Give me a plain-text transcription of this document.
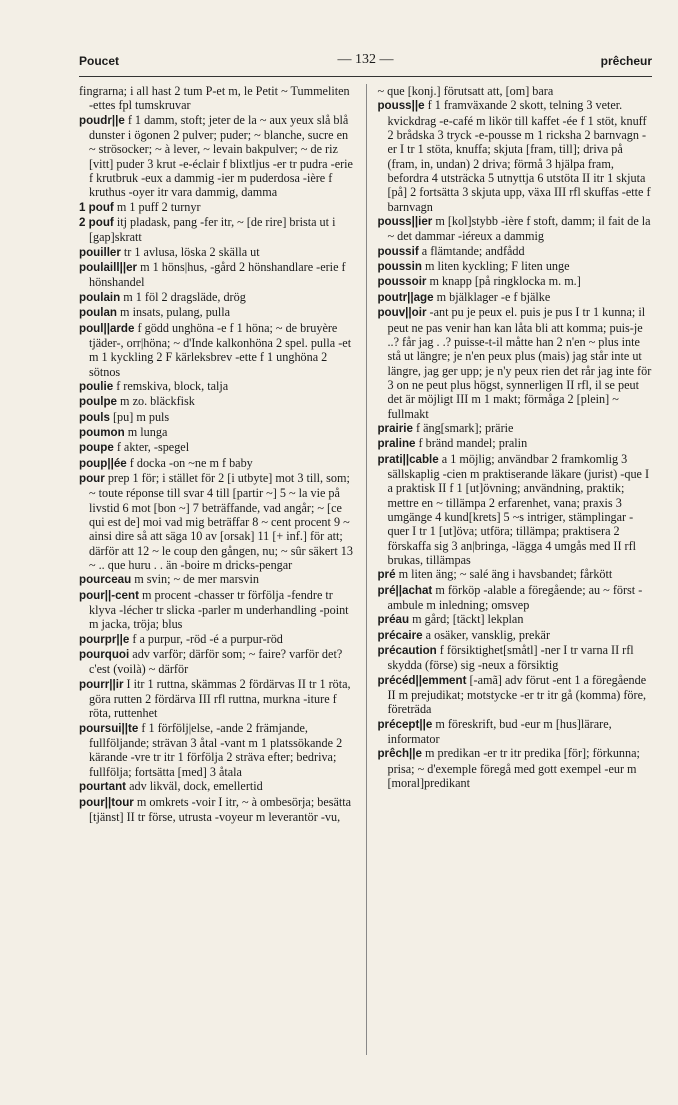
Poucet	— 132 —	prêcheur

fingrarna; i all hast 2 tum P-et m, le Petit ~ Tummeliten -ettes fpl tumskruvar

poudr||e f 1 damm, stoft; jeter de la ~ aux yeux slå blå dunster i ögonen 2 pulver; puder; ~ blanche, sucre en ~ strösocker; ~ à lever, ~ levain bakpulver; ~ de riz [vitt] puder 3 krut -e-éclair f blixtljus -er tr pudra -erie f krutbruk -eux a dammig -ier m puderdosa -ière f kruthus -oyer itr vara dammig, damma

1 pouf m 1 puff 2 turnyr

2 pouf itj pladask, pang -fer itr, ~ [de rire] brista ut i [gap]skratt

pouiller tr 1 avlusa, löska 2 skälla ut

poulaill||er m 1 höns|hus, -gård 2 hönshandlare -erie f hönshandel

poulain m 1 föl 2 dragsläde, drög

poulan m insats, pulang, pulla

poul||arde f gödd unghöna -e f 1 höna; ~ de bruyère tjäder-, orr|höna; ~ d'Inde kalkonhöna 2 spel. pulla -et m 1 kyckling 2 F kärleksbrev -ette f 1 unghöna 2 sötnos

poulie f remskiva, block, talja

poulpe m zo. bläckfisk

pouls [pu] m puls

poumon m lunga

poupe f akter, -spegel

poup||ée f docka -on ~ne m f baby

pour prep 1 för; i stället för 2 [i utbyte] mot 3 till, som; ~ toute réponse till svar 4 till [partir ~] 5 ~ la vie på livstid 6 mot [bon ~] 7 beträffande, vad angår; ~ [ce qui est de] moi vad mig beträffar 8 ~ cent procent 9 ~ ainsi dire så att säga 10 av [orsak] 11 [+ inf.] för att; därför att 12 ~ le coup den gången, nu; ~ sûr säkert 13 ~ .. que huru . . än -boire m dricks-pengar

pourceau m svin; ~ de mer marsvin

pour||-cent m procent -chasser tr förfölja -fendre tr klyva -lécher tr slicka -parler m underhandling -point m jacka, tröja; blus

pourpr||e f a purpur, -röd -é a purpur-röd

pourquoi adv varför; därför som; ~ faire? varför det? c'est (voilà) ~ därför

pourr||ir I itr 1 ruttna, skämmas 2 fördärvas II tr 1 röta, göra rutten 2 fördärva III rfl ruttna, murkna -iture f röta, ruttenhet

poursui||te f 1 förfölj|else, -ande 2 främjande, fullföljande; strävan 3 åtal -vant m 1 platssökande 2 kärande -vre tr itr 1 förfölja 2 sträva efter; bedriva; fullfölja; fortsätta [med] 3 åtala

pourtant adv likväl, dock, emellertid

pour||tour m omkrets -voir I itr, ~ à ombesörja; besätta [tjänst] II tr förse, utrusta -voyeur m leverantör -vu,

~ que [konj.] förutsatt att, [om] bara

pouss||e f 1 framväxande 2 skott, telning 3 veter. kvickdrag -e-café m likör till kaffet -ée f 1 stöt, knuff 2 brådska 3 tryck -e-pousse m 1 ricksha 2 barnvagn -er I tr 1 stöta, knuffa; skjuta [fram, till]; driva på (fram, in, undan) 2 driva; förmå 3 hjälpa fram, befordra 4 utsträcka 5 utnyttja 6 utstöta II itr 1 skjuta [på] 2 fortsätta 3 skjuta upp, växa III rfl skuffas -ette f barnvagn

pouss||ier m [kol]stybb -ière f stoft, damm; il fait de la ~ det dammar -iéreux a dammig

poussif a flämtande; andfådd

poussin m liten kyckling; F liten unge

poussoir m knapp [på ringklocka m. m.]

poutr||age m bjälklager -e f bjälke

pouv||oir -ant pu je peux el. puis je pus I tr 1 kunna; il peut ne pas venir han kan låta bli att komma; puis-je ..? får jag . .? puisse-t-il måtte han 2 n'en ~ plus inte stå ut längre; je n'en peux plus (mais) jag står inte ut längre, jag ger upp; je n'y peux rien det rår jag inte för 3 on ne peut plus högst, synnerligen II rfl, il se peut det är möjligt III m 1 makt; förmåga 2 [plein] ~ fullmakt

prairie f äng[smark]; prärie

praline f bränd mandel; pralin

prati||cable a 1 möjlig; användbar 2 framkomlig 3 sällskaplig -cien m praktiserande läkare (jurist) -que I a praktisk II f 1 [ut]övning; användning, praktik; mettre en ~ tillämpa 2 erfarenhet, vana; praxis 3 umgänge 4 kund[krets] 5 ~s intriger, stämplingar -quer I tr 1 [ut]öva; utföra; tillämpa; praktisera 2 förskaffa sig 3 an|bringa, -lägga 4 umgås med II rfl brukas, tillämpas

pré m liten äng; ~ salé äng i havsbandet; fårkött

pré||achat m förköp -alable a föregående; au ~ först -ambule m inledning; omsvep

préau m gård; [täckt] lekplan

précaire a osäker, vansklig, prekär

précaution f försiktighet[småtl] -ner I tr varna II rfl skydda (förse) sig -neux a försiktig

précéd||emment [-amã] adv förut -ent 1 a föregående II m prejudikat; motstycke -er tr itr gå (komma) före, företräda

précept||e m föreskrift, bud -eur m [hus]lärare, informator

prêch||e m predikan -er tr itr predika [för]; förkunna; prisa; ~ d'exemple föregå med gott exempel -eur m [moral]predikant
